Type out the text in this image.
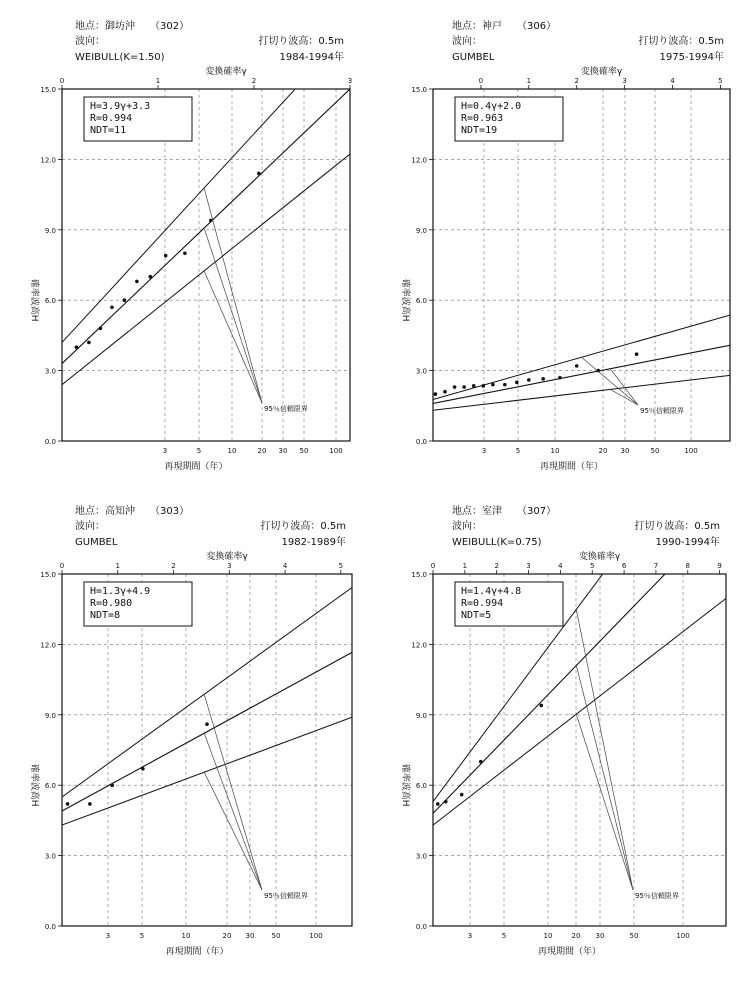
地点：御坊沖　　（302）
波向：
WEIBULL(K=1.50)
打切り波高：0.5m
1984-1994年
変換確率γ
0	1	2	3
0.0
3.0
6.0
9.0
12.0
15.0
3	5	10	20 30 50	100
確率波高H
再現期間（年）
H=3.9γ+3.3
R=0.994
NDT=11
95％信頼限界
地点：神戸　　（306）
波向：
GUMBEL
打切り波高：0.5m
1975-1994年
変換確率γ
0	1	2	3	4	5
0.0
3.0
6.0
9.0
12.0
15.0
3	5	10	20 30	50	100
確率波高H
再現期間（年）
H=0.4γ+2.0
R=0.963
NDT=19
95％信頼限界
地点：高知沖　　（303）
波向：
GUMBEL
打切り波高：0.5m
1982-1989年
変換確率γ
0	1	2	3	4	5
0.0
3.0
6.0
9.0
12.0
15.0
3	5	10	20 30 50	100
確率波高H
再現期間（年）
H=1.3γ+4.9
R=0.980
NDT=8
95％信頼限界
地点：室津　　（307）
波向：
WEIBULL(K=0.75)
打切り波高：0.5m
1990-1994年
変換確率γ
0	1	2	3	4	5	6	7	8	9
0.0
3.0
6.0
9.0
12.0
15.0
3	5	10	20 30	50	100
確率波高H
再現期間（年）
H=1.4γ+4.8
R=0.994
NDT=5
95％信頼限界
